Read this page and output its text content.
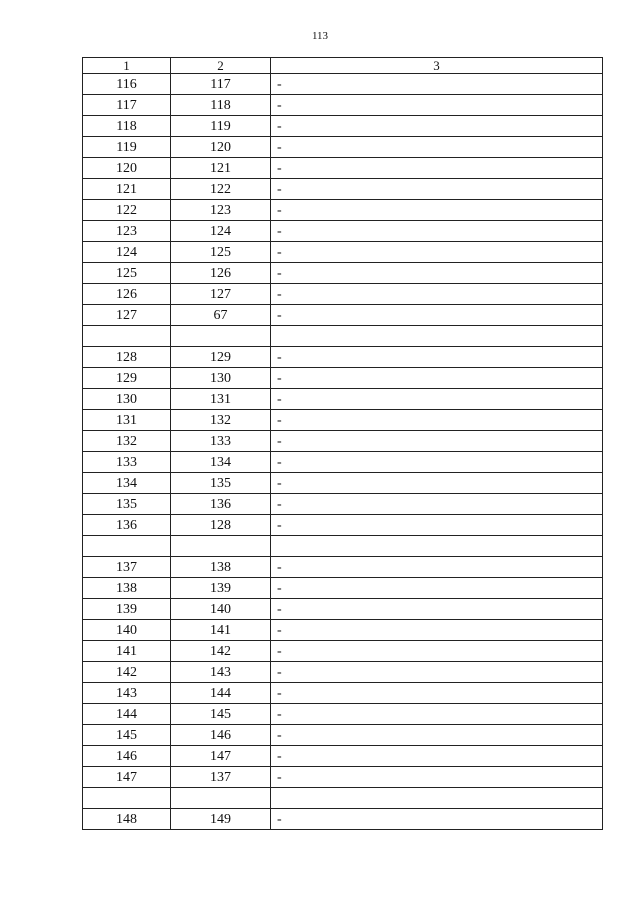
113
1	2	3
116	117	-
117	118	-
118	119	-
119	120	-
120	121	-
121	122	-
122	123	-
123	124	-
124	125	-
125	126	-
126	127	-
127	67	-

128	129	-
129	130	-
130	131	-
131	132	-
132	133	-
133	134	-
134	135	-
135	136	-
136	128	-

137	138	-
138	139	-
139	140	-
140	141	-
141	142	-
142	143	-
143	144	-
144	145	-
145	146	-
146	147	-
147	137	-

148	149	-
